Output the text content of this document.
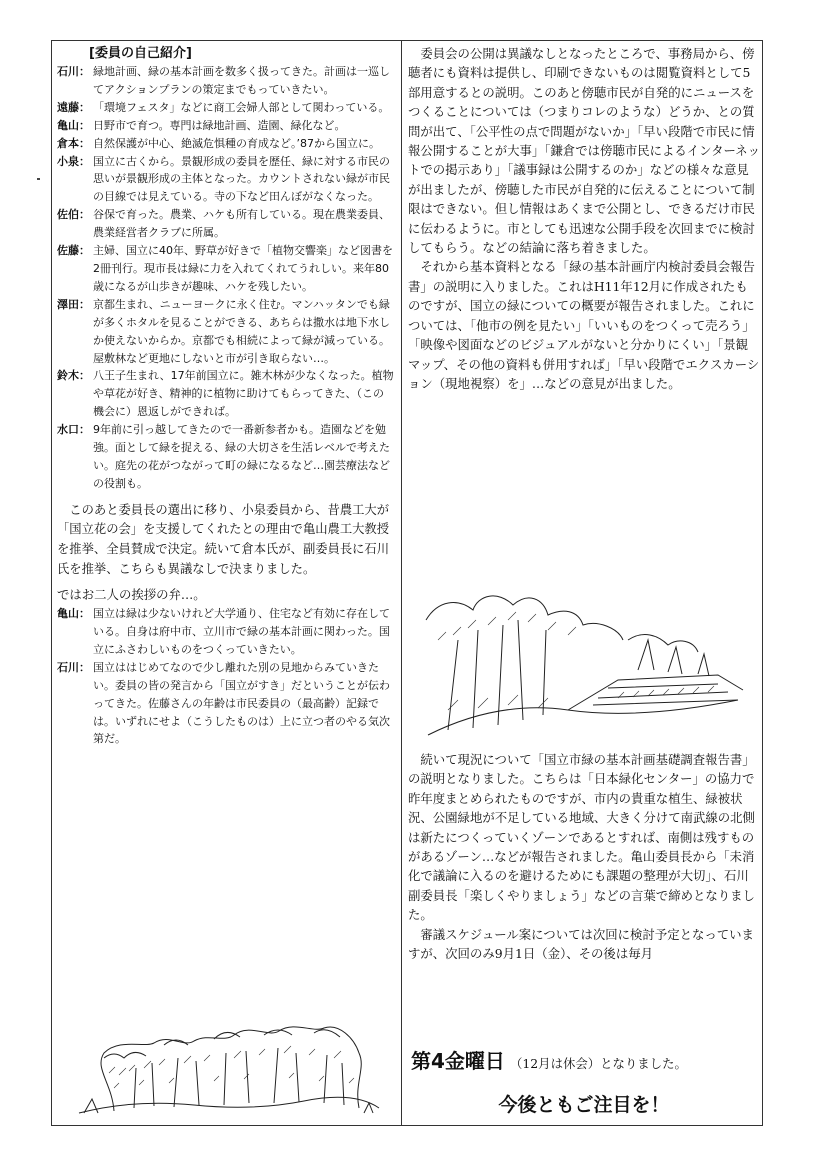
[委員の自己紹介]
石川： 緑地計画、緑の基本計画を数多く扱ってきた。計画は一巡してアクションプランの策定までもっていきたい。
遠藤： 「環境フェスタ」などに商工会婦人部として関わっている。
亀山： 日野市で育つ。専門は緑地計画、造園、緑化など。
倉本： 自然保護が中心、絶滅危惧種の育成など。’87から国立に。
小泉： 国立に古くから。景観形成の委員を歴任、緑に対する市民の思いが景観形成の主体となった。カウントされない緑が市民の目線では見えている。寺の下など田んぼがなくなった。
佐伯： 谷保で育った。農業、ハケも所有している。現在農業委員、農業経営者クラブに所属。
佐藤： 主婦、国立に40年、野草が好きで「植物交響楽」など図書を2冊刊行。現市長は緑に力を入れてくれてうれしい。来年80歳になるが山歩きが趣味、ハケを残したい。
澤田： 京都生まれ、ニューヨークに永く住む。マンハッタンでも緑が多くホタルを見ることができる、あちらは撒水は地下水しか使えないからか。京都でも相続によって緑が減っている。屋敷林など更地にしないと市が引き取らない…。
鈴木： 八王子生まれ、17年前国立に。雑木林が少なくなった。植物や草花が好き、精神的に植物に助けてもらってきた、（この機会に）恩返しができれば。
水口： 9年前に引っ越してきたので一番新参者かも。造園などを勉強。面として緑を捉える、緑の大切さを生活レベルで考えたい。庭先の花がつながって町の緑になるなど…園芸療法などの役割も。

このあと委員長の選出に移り、小泉委員から、昔農工大が「国立花の会」を支援してくれたとの理由で亀山農工大教授を推挙、全員賛成で決定。続いて倉本氏が、副委員長に石川氏を推挙、こちらも異議なしで決まりました。

ではお二人の挨拶の弁…。
亀山： 国立は緑は少ないけれど大学通り、住宅など有効に存在している。自身は府中市、立川市で緑の基本計画に関わった。国立にふさわしいものをつくっていきたい。
石川： 国立ははじめてなので少し離れた別の見地からみていきたい。委員の皆の発言から「国立がすき」だということが伝わってきた。佐藤さんの年齢は市民委員の（最高齢）記録では。いずれにせよ（こうしたものは）上に立つ者のやる気次第だ。

委員会の公開は異議なしとなったところで、事務局から、傍聴者にも資料は提供し、印刷できないものは閲覧資料として5部用意するとの説明。このあと傍聴市民が自発的にニュースをつくることについては（つまりコレのような）どうか、との質問が出て、「公平性の点で問題がないか」「早い段階で市民に情報公開することが大事」「鎌倉では傍聴市民によるインターネットでの掲示あり」「議事録は公開するのか」などの様々な意見が出ましたが、傍聴した市民が自発的に伝えることについて制限はできない。但し情報はあくまで公開とし、できるだけ市民に伝わるように。市としても迅速な公開手段を次回までに検討してもらう。などの結論に落ち着きました。

それから基本資料となる「緑の基本計画庁内検討委員会報告書」の説明に入りました。これはH11年12月に作成されたものですが、国立の緑についての概要が報告されました。これについては、「他市の例を見たい」「いいものをつくって売ろう」「映像や図面などのビジュアルがないと分かりにくい」「景観マップ、その他の資料も併用すれば」「早い段階でエクスカーション（現地視察）を」…などの意見が出ました。

続いて現況について「国立市緑の基本計画基礎調査報告書」の説明となりました。こちらは「日本緑化センター」の協力で昨年度まとめられたものですが、市内の貴重な植生、緑被状況、公園緑地が不足している地域、大きく分けて南武線の北側は新たにつくっていくゾーンであるとすれば、南側は残すものがあるゾーン…などが報告されました。亀山委員長から「未消化で議論に入るのを避けるためにも課題の整理が大切」、石川副委員長「楽しくやりましょう」などの言葉で締めとなりました。

審議スケジュール案については次回に検討予定となっていますが、次回のみ9月1日（金）、その後は毎月

第4金曜日 （12月は休会）となりました。
今後ともご注目を！
